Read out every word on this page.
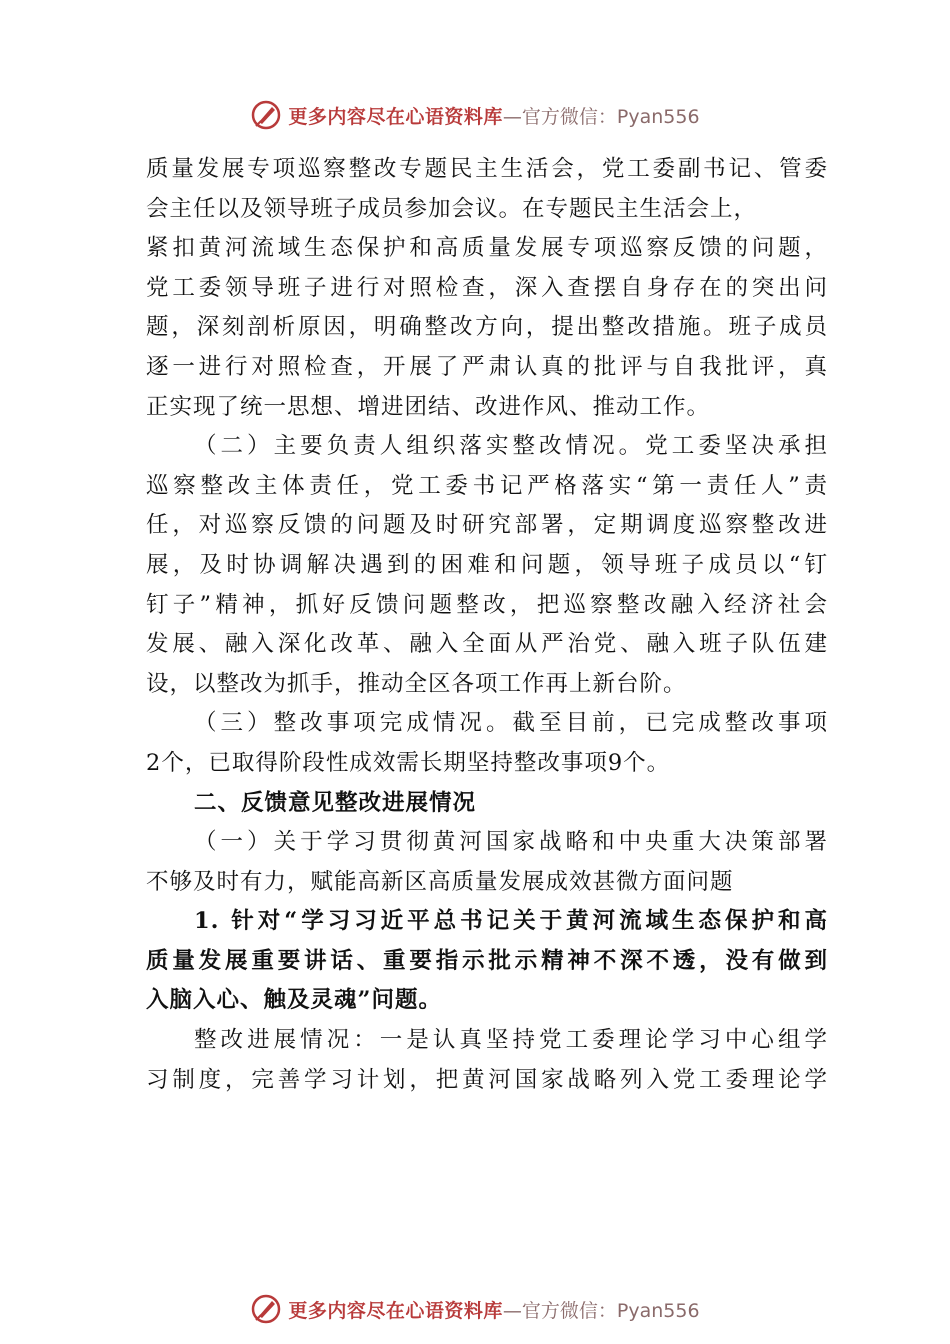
更多内容尽在心语资料库 —官方微信：Pyan556
质量发展专项巡察整改专题民主生活会，党工委副书记、管委
会主任以及领导班子成员参加会议。在专题民主生活会上，
紧扣黄河流域生态保护和高质量发展专项巡察反馈的问题，
党工委领导班子进行对照检查，深入查摆自身存在的突出问
题，深刻剖析原因，明确整改方向，提出整改措施。班子成员
逐一进行对照检查，开展了严肃认真的批评与自我批评，真
正实现了统一思想、增进团结、改进作风、推动工作。
（二）主要负责人组织落实整改情况。党工委坚决承担
巡察整改主体责任，党工委书记严格落实“第一责任人”责
任，对巡察反馈的问题及时研究部署，定期调度巡察整改进
展，及时协调解决遇到的困难和问题，领导班子成员以“钉
钉子”精神，抓好反馈问题整改，把巡察整改融入经济社会
发展、融入深化改革、融入全面从严治党、融入班子队伍建
设，以整改为抓手，推动全区各项工作再上新台阶。
（三）整改事项完成情况。截至目前，已完成整改事项
2个，已取得阶段性成效需长期坚持整改事项9个。
二、反馈意见整改进展情况
（一）关于学习贯彻黄河国家战略和中央重大决策部署
不够及时有力，赋能高新区高质量发展成效甚微方面问题
1. 针对“学习习近平总书记关于黄河流域生态保护和高
质量发展重要讲话、重要指示批示精神不深不透，没有做到
入脑入心、触及灵魂”问题。
整改进展情况：一是认真坚持党工委理论学习中心组学
习制度，完善学习计划，把黄河国家战略列入党工委理论学
更多内容尽在心语资料库 —官方微信：Pyan556
